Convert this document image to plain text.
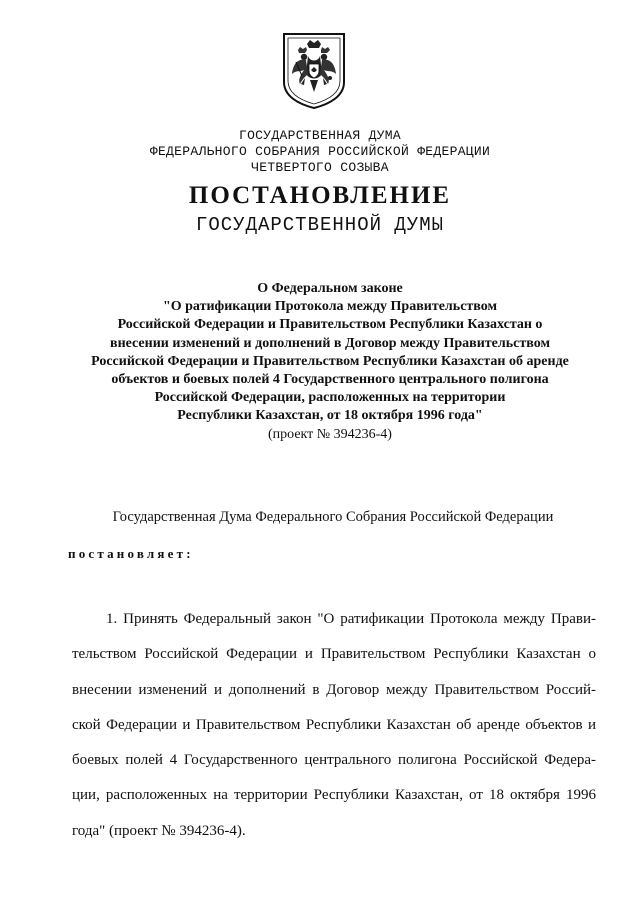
ГОСУДАРСТВЕННАЯ ДУМА
ФЕДЕРАЛЬНОГО СОБРАНИЯ РОССИЙСКОЙ ФЕДЕРАЦИИ
ЧЕТВЕРТОГО СОЗЫВА
ПОСТАНОВЛЕНИЕ
ГОСУДАРСТВЕННОЙ ДУМЫ
О Федеральном законе
"О ратификации Протокола между Правительством
Российской Федерации и Правительством Республики Казахстан о
внесении изменений и дополнений в Договор между Правительством
Российской Федерации и Правительством Республики Казахстан об аренде
объектов и боевых полей 4 Государственного центрального полигона
Российской Федерации, расположенных на территории
Республики Казахстан, от 18 октября 1996 года"
(проект № 394236-4)
Государственная Дума Федерального Собрания Российской Федерации
постановляет:
1. Принять Федеральный закон "О ратификации Протокола между Прави-
тельством Российской Федерации и Правительством Республики Казахстан о
внесении изменений и дополнений в Договор между Правительством Россий-
ской Федерации и Правительством Республики Казахстан об аренде объектов и
боевых полей 4 Государственного центрального полигона Российской Федера-
ции, расположенных на территории Республики Казахстан, от 18 октября 1996
года" (проект № 394236-4).
